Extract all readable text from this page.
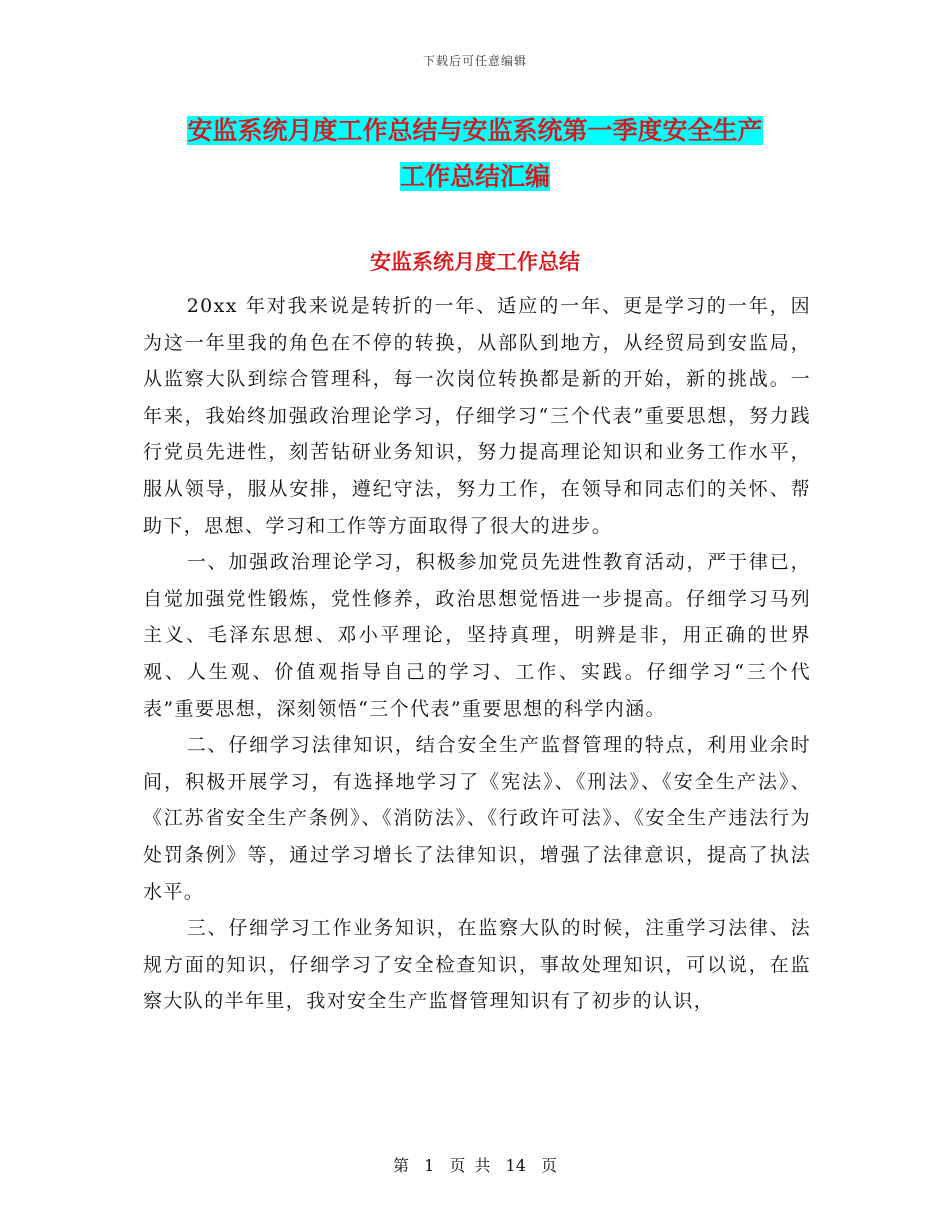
下载后可任意编辑
安监系统月度工作总结与安监系统第一季度安全生产
工作总结汇编
安监系统月度工作总结

20xx 年对我来说是转折的一年、适应的一年、更是学习的一年，因为这一年里我的角色在不停的转换，从部队到地方，从经贸局到安监局，从监察大队到综合管理科，每一次岗位转换都是新的开始，新的挑战。一年来，我始终加强政治理论学习，仔细学习“三个代表”重要思想，努力践行党员先进性，刻苦钻研业务知识，努力提高理论知识和业务工作水平，服从领导，服从安排，遵纪守法，努力工作，在领导和同志们的关怀、帮助下，思想、学习和工作等方面取得了很大的进步。

一、加强政治理论学习，积极参加党员先进性教育活动，严于律已，自觉加强党性锻炼，党性修养，政治思想觉悟进一步提高。仔细学习马列主义、毛泽东思想、邓小平理论，坚持真理，明辨是非，用正确的世界观、人生观、价值观指导自己的学习、工作、实践。仔细学习“三个代表”重要思想，深刻领悟“三个代表”重要思想的科学内涵。

二、仔细学习法律知识，结合安全生产监督管理的特点，利用业余时间，积极开展学习，有选择地学习了《宪法》、《刑法》、《安全生产法》、《江苏省安全生产条例》、《消防法》、《行政许可法》、《安全生产违法行为处罚条例》等，通过学习增长了法律知识，增强了法律意识，提高了执法水平。

三、仔细学习工作业务知识，在监察大队的时候，注重学习法律、法规方面的知识，仔细学习了安全检查知识，事故处理知识，可以说，在监察大队的半年里，我对安全生产监督管理知识有了初步的认识，

第 1 页 共 14 页
